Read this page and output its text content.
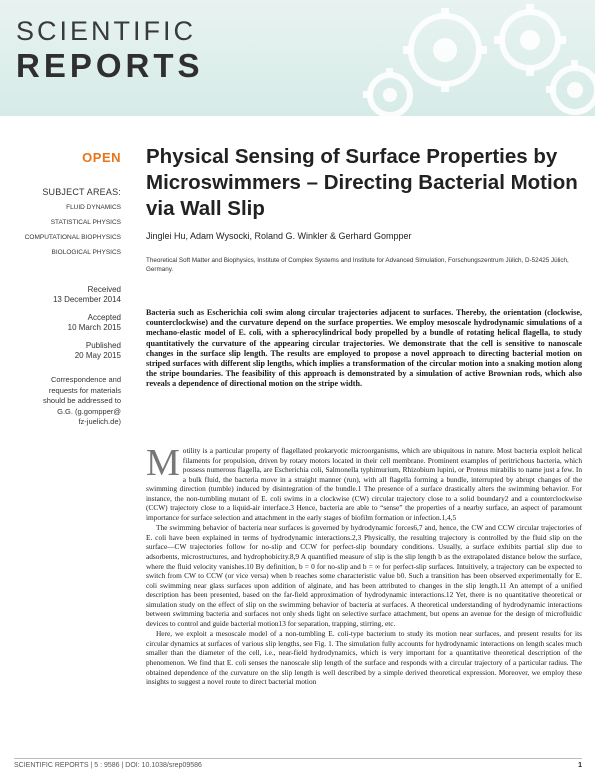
SCIENTIFIC
REPORTS
OPEN
SUBJECT AREAS:
FLUID DYNAMICS
STATISTICAL PHYSICS
COMPUTATIONAL BIOPHYSICS
BIOLOGICAL PHYSICS
Received
13 December 2014
Accepted
10 March 2015
Published
20 May 2015
Correspondence and
requests for materials
should be addressed to
G.G. (g.gompper@
fz-juelich.de)
Physical Sensing of Surface Properties by Microswimmers – Directing Bacterial Motion via Wall Slip
Jinglei Hu, Adam Wysocki, Roland G. Winkler & Gerhard Gompper
Theoretical Soft Matter and Biophysics, Institute of Complex Systems and Institute for Advanced Simulation, Forschungszentrum Jülich, D-52425 Jülich, Germany.
Bacteria such as Escherichia coli swim along circular trajectories adjacent to surfaces. Thereby, the orientation (clockwise, counterclockwise) and the curvature depend on the surface properties. We employ mesoscale hydrodynamic simulations of a mechano-elastic model of E. coli, with a spherocylindrical body propelled by a bundle of rotating helical flagella, to study quantitatively the curvature of the appearing circular trajectories. We demonstrate that the cell is sensitive to nanoscale changes in the surface slip length. The results are employed to propose a novel approach to directing bacterial motion on striped surfaces with different slip lengths, which implies a transformation of the circular motion into a snaking motion along the stripe boundaries. The feasibility of this approach is demonstrated by a simulation of active Brownian rods, which also reveals a dependence of directional motion on the stripe width.

Motility is a particular property of flagellated prokaryotic microorganisms, which are ubiquitous in nature. Most bacteria exploit helical filaments for propulsion, driven by rotary motors located in their cell membrane. Prominent examples of peritrichous bacteria, which possess numerous flagella, are Escherichia coli, Salmonella typhimurium, Rhizobium lupini, or Proteus mirabilis to name just a few. In a bulk fluid, the bacteria move in a straight manner (run), with all flagella forming a bundle, interrupted by abrupt changes of the swimming direction (tumble) induced by disintegration of the bundle.1 The presence of a surface drastically alters the swimming behavior. For instance, the non-tumbling mutant of E. coli swims in a clockwise (CW) circular trajectory close to a solid boundary2 and a counterclockwise (CCW) trajectory close to a liquid-air interface.3 Hence, bacteria are able to “sense” the properties of a nearby surface, an aspect of paramount importance for surface selection and attachment in the early stages of biofilm formation or infection.1,4,5

The swimming behavior of bacteria near surfaces is governed by hydrodynamic forces6,7 and, hence, the CW and CCW circular trajectories of E. coli have been explained in terms of hydrodynamic interactions.2,3 Physically, the resulting trajectory is controlled by the fluid slip on the surface—CW trajectories follow for no-slip and CCW for perfect-slip boundary conditions. Usually, a surface exhibits partial slip due to adsorbents, microstructures, and hydrophobicity.8,9 A quantified measure of slip is the slip length b as the extrapolated distance below the surface, where the fluid velocity vanishes.10 By definition, b = 0 for no-slip and b = ∞ for perfect-slip surfaces. Intuitively, a trajectory can be expected to switch from CW to CCW (or vice versa) when b reaches some characteristic value b0. Such a transition has been observed experimentally for E. coli swimming near glass surfaces upon addition of alginate, and has been attributed to changes in the slip length.11 An attempt of a unified description has been presented, based on the far-field approximation of hydrodynamic interactions.12 Yet, there is no quantitative theoretical or simulation study on the effect of slip on the swimming behavior of bacteria at surfaces. A theoretical understanding of hydrodynamic interactions between swimming bacteria and surfaces not only sheds light on selective surface attachment, but opens an avenue for the design of microfluidic devices to control and guide bacterial motion13 for separation, trapping, stirring, etc.

Here, we exploit a mesoscale model of a non-tumbling E. coli-type bacterium to study its motion near surfaces, and present results for its circular dynamics at surfaces of various slip lengths, see Fig. 1. The simulation fully accounts for hydrodynamic interactions on length scales much smaller than the diameter of the cell, i.e., near-field hydrodynamics, which is very important for a quantitative theoretical description of the phenomenon. We find that E. coli senses the nanoscale slip length of the surface and responds with a circular trajectory of a particular radius. The obtained dependence of the curvature on the slip length is well described by a simple derived theoretical expression. Moreover, we employ these insights to suggest a novel route to direct bacterial motion

SCIENTIFIC REPORTS | 5 : 9586 | DOI: 10.1038/srep09586	1
